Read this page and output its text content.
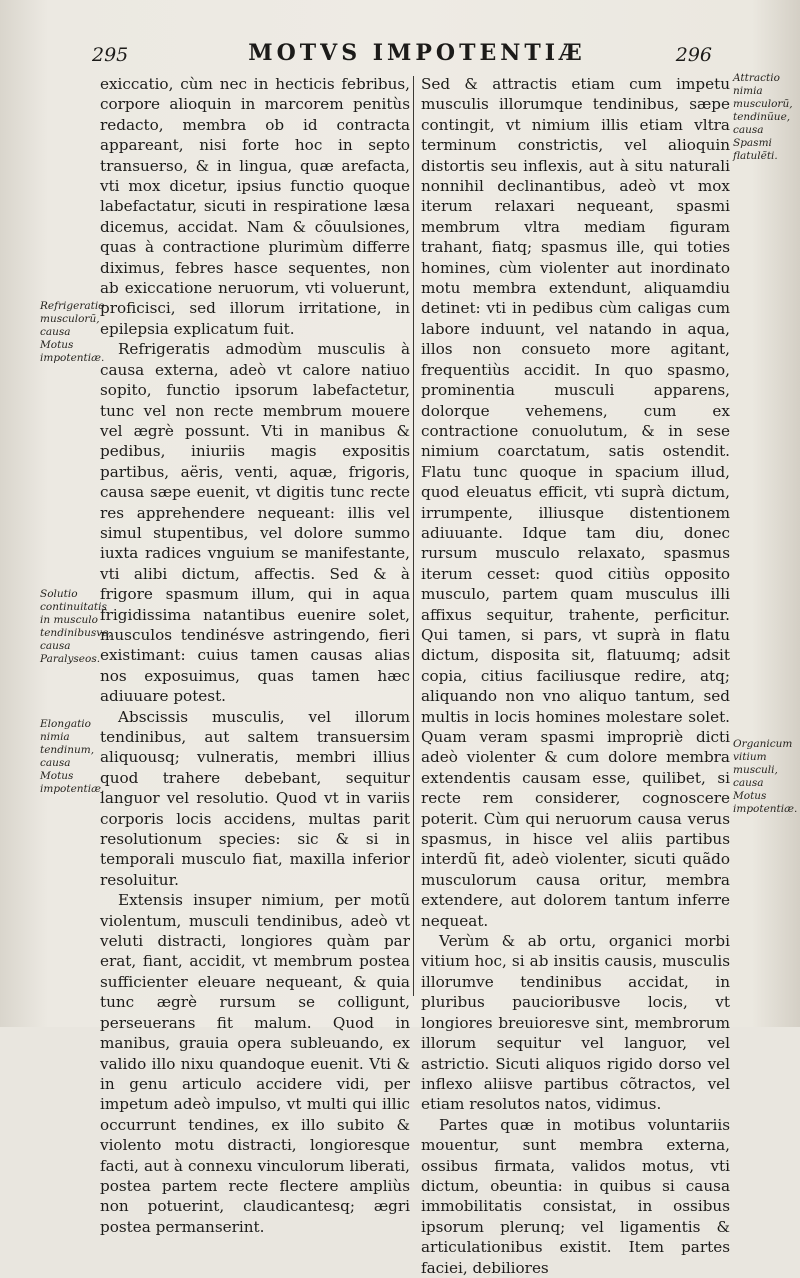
295	MOTVS IMPOTENTIÆ	296

exiccatio, cùm nec in hecticis febribus, corpore alioquin in marcorem penitùs redacto, membra ob id contracta appareant, nisi forte hoc in septo transuerso, & in lingua, quæ arefacta, vti mox dicetur, ipsius functio quoque labefactatur, sicuti in respiratione læsa dicemus, accidat. Nam & cõuulsiones, quas à contractione plurimùm differre diximus, febres hasce sequentes, non ab exiccatione neruorum, vti voluerunt, proficisci, sed illorum irritatione, in epilepsia explicatum fuit.

Refrigeratis admodùm musculis à causa externa, adeò vt calore natiuo sopito, functio ipsorum labefactetur, tunc vel non recte membrum mouere vel ægrè possunt. Vti in manibus & pedibus, iniuriis magis expositis partibus, aëris, venti, aquæ, frigoris, causa sæpe euenit, vt digitis tunc recte res apprehendere nequeant: illis vel simul stupentibus, vel dolore summo iuxta radices vnguium se manifestante, vti alibi dictum, affectis. Sed & à frigore spasmum illum, qui in aqua frigidissima natantibus euenire solet, musculos tendinésve astringendo, fieri existimant: cuius tamen causas alias nos exposuimus, quas tamen hæc adiuuare potest.

Abscissis musculis, vel illorum tendinibus, aut saltem transuersim aliquousq; vulneratis, membri illius quod trahere debebant, sequitur languor vel resolutio. Quod vt in variis corporis locis accidens, multas parit resolutionum species: sic & si in temporali musculo fiat, maxilla inferior resoluitur.

Extensis insuper nimium, per motũ violentum, musculi tendinibus, adeò vt veluti distracti, longiores quàm par erat, fiant, accidit, vt membrum postea sufficienter eleuare nequeant, & quia tunc ægrè rursum se colligunt, perseuerans fit malum. Quod in manibus, grauia opera subleuando, ex valido illo nixu quandoque euenit. Vti & in genu articulo accidere vidi, per impetum adeò impulso, vt multi qui illic occurrunt tendines, ex illo subito & violento motu distracti, longioresque facti, aut à connexu vinculorum liberati, postea partem recte flectere ampliùs non potuerint, claudicantesq; ægri postea permanserint.

Sed & attractis etiam cum impetu musculis illorumque tendinibus, sæpe contingit, vt nimium illis etiam vltra terminum constrictis, vel alioquin distortis seu inflexis, aut à situ naturali nonnihil declinantibus, adeò vt mox iterum relaxari nequeant, spasmi membrum vltra mediam figuram trahant, fiatq; spasmus ille, qui toties homines, cùm violenter aut inordinato motu membra extendunt, aliquamdiu detinet: vti in pedibus cùm caligas cum labore induunt, vel natando in aqua, illos non consueto more agitant, frequentiùs accidit. In quo spasmo, prominentia musculi apparens, dolorque vehemens, cum ex contractione conuolutum, & in sese nimium coarctatum, satis ostendit. Flatu tunc quoque in spacium illud, quod eleuatus efficit, vti suprà dictum, irrumpente, illiusque distentionem adiuuante. Idque tam diu, donec rursum musculo relaxato, spasmus iterum cesset: quod citiùs opposito musculo, partem quam musculus illi affixus sequitur, trahente, perficitur. Qui tamen, si pars, vt suprà in flatu dictum, disposita sit, flatuumq; adsit copia, citius faciliusque redire, atq; aliquando non vno aliquo tantum, sed multis in locis homines molestare solet. Quam veram spasmi impropriè dicti adeò violenter & cum dolore membra extendentis causam esse, quilibet, si recte rem considerer, cognoscere poterit. Cùm qui neruorum causa verus spasmus, in hisce vel aliis partibus interdũ fit, adeò violenter, sicuti quãdo musculorum causa oritur, membra extendere, aut dolorem tantum inferre nequeat.

Verùm & ab ortu, organici morbi vitium hoc, si ab insitis causis, musculis illorumve tendinibus accidat, in pluribus paucioribusve locis, vt longiores breuioresve sint, membrorum illorum sequitur vel languor, vel astrictio. Sicuti aliquos rigido dorso vel inflexo aliisve partibus cõtractos, vel etiam resolutos natos, vidimus.

Partes quæ in motibus voluntariis mouentur, sunt membra externa, ossibus firmata, validos motus, vti dictum, obeuntia: in quibus si causa immobilitatis consistat, in ossibus ipsorum plerunq; vel ligamentis & articulationibus existit. Item partes faciei, debiliores

Refrigeratio musculorũ, causa Motus impotentiæ.
Solutio continuitatis in musculo tendinibusve, causa Paralyseos.
Elongatio nimia tendinum, causa Motus impotentiæ.
Attractio nimia musculorũ, tendinũue, causa Spasmi flatulẽti.
Organicum vitium musculi, causa Motus impotentiæ.
